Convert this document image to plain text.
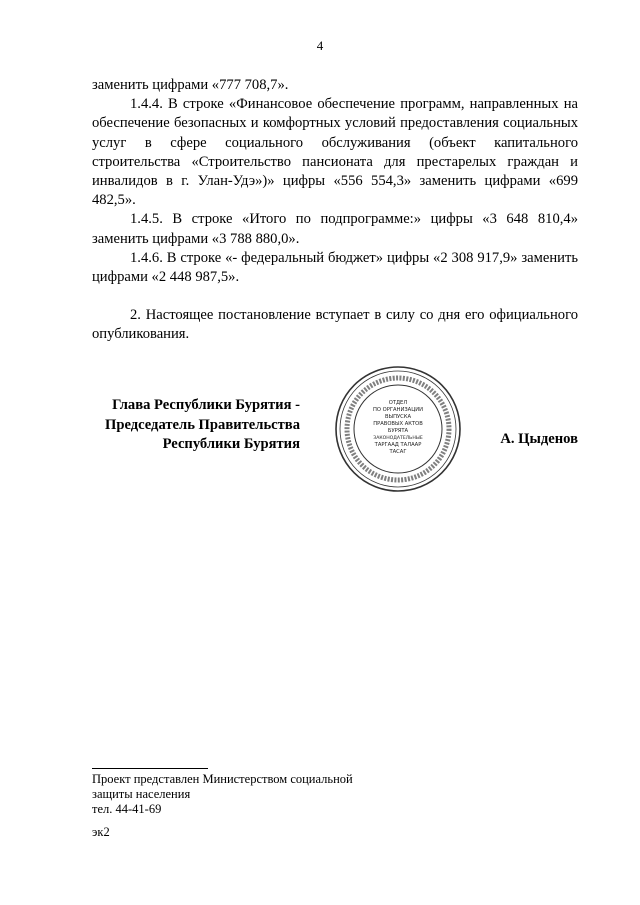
4

заменить цифрами «777 708,7».

1.4.4. В строке «Финансовое обеспечение программ, направленных на обеспечение безопасных и комфортных условий предоставления социальных услуг в сфере социального обслуживания (объект капитального строительства «Строительство пансионата для престарелых граждан и инвалидов в г. Улан-Удэ»)» цифры «556 554,3» заменить цифрами «699 482,5».

1.4.5. В строке «Итого по подпрограмме:» цифры «3 648 810,4» заменить цифрами «3 788 880,0».

1.4.6. В строке «- федеральный бюджет» цифры «2 308 917,9» заменить цифрами «2 448 987,5».

2. Настоящее постановление вступает в силу со дня его официального опубликования.

Глава Республики Бурятия -
Председатель Правительства
Республики Бурятия
ОТДЕЛ
ПО ОРГАНИЗАЦИИ
ВЫПУСКА
ПРАВОВЫХ АКТОВ
БУРЯТА
ЗАКОНОДАТЕЛЬНЫЕ
ТАРГААД ТАЛААР
ТАСАГ
А. Цыденов
Проект представлен Министерством социальной
защиты населения
тел. 44-41-69
эк2
